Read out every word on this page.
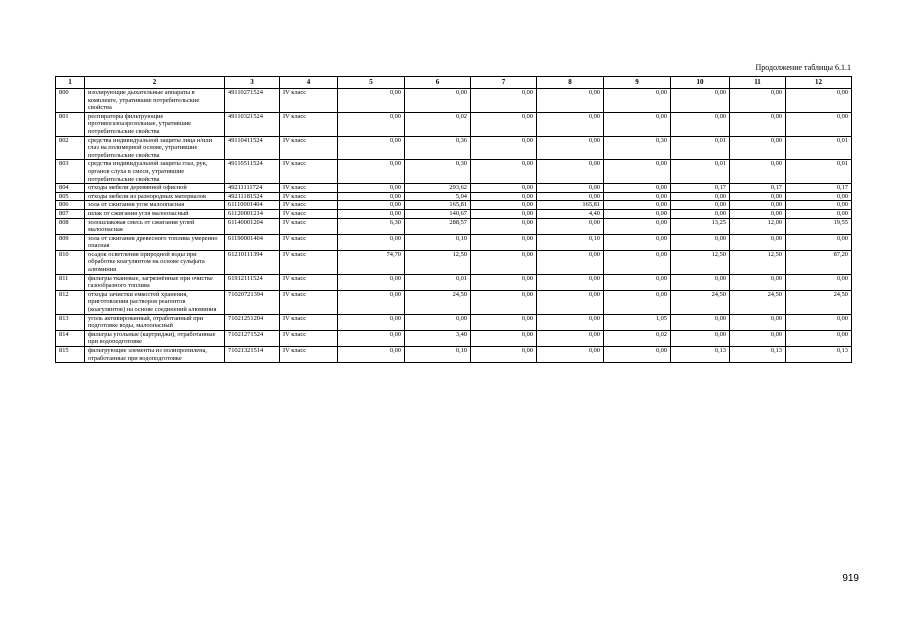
Продолжение таблицы 6.1.1
1	2	3	4	5	6	7	8	9	10	11	12
800	изолирующие дыхательные аппараты в комплекте, утратившие потребительские свойства	49110271524	IV класс	0,00	0,00	0,00	0,00	0,00	0,00	0,00	0,00
801	респираторы фильтрующие противогазоаэрозольные, утратившие потребительские свойства	49110321524	IV класс	0,00	0,02	0,00	0,00	0,00	0,00	0,00	0,00
802	средства индивидуальной защиты лица и/или глаз на полимерной основе, утратившие потребительские свойства	49110411524	IV класс	0,00	0,36	0,00	0,00	0,30	0,01	0,00	0,01
803	средства индивидуальной защиты глаз, рук, органов слуха в смеси, утратившие потребительские свойства	49110511524	IV класс	0,00	0,30	0,00	0,00	0,00	0,01	0,00	0,01
804	отходы мебели деревянной офисной	49211111724	IV класс	0,00	293,62	0,00	0,00	0,00	0,17	0,17	0,17
805	отходы мебели из разнородных материалов	49211181524	IV класс	0,00	5,04	0,00	0,00	0,00	0,00	0,00	0,00
806	зола от сжигания угля малоопасная	61110001404	IV класс	0,00	165,81	0,00	165,81	0,00	0,00	0,00	0,00
807	шлак от сжигания угля малоопасный	61120001214	IV класс	0,00	140,67	0,00	4,40	0,00	0,00	0,00	0,00
808	золошлаковая смесь от сжигания углей малоопасная	61140001204	IV класс	6,30	288,57	0,00	0,00	0,00	13,25	12,00	19,55
809	зола от сжигания древесного топлива умеренно опасная	61190001404	IV класс	0,00	0,10	0,00	0,10	0,00	0,00	0,00	0,00
810	осадок осветления природной воды при обработке коагулянтом на основе сульфата алюминия	61210111394	IV класс	74,70	12,50	0,00	0,00	0,00	12,50	12,50	87,20
811	фильтры тканевые, загрязнённые при очистке газообразного топлива	61912111524	IV класс	0,00	0,01	0,00	0,00	0,00	0,00	0,00	0,00
812	отходы зачистки емкостей хранения, приготовления растворов реагентов (коагулянтов) на основе соединений алюминия	71020721394	IV класс	0,00	24,50	0,00	0,00	0,00	24,50	24,50	24,50
813	уголь активированный, отработанный при подготовке воды, малоопасный	71021251204	IV класс	0,00	0,00	0,00	0,00	1,05	0,00	0,00	0,00
814	фильтры угольные (картриджи), отработанные при водоподготовке	71021271524	IV класс	0,00	3,40	0,00	0,00	0,02	0,00	0,00	0,00
815	фильтрующие элементы из полипропилена, отработанные при водоподготовке	71021321514	IV класс	0,00	0,10	0,00	0,00	0,00	0,13	0,13	0,13
919
